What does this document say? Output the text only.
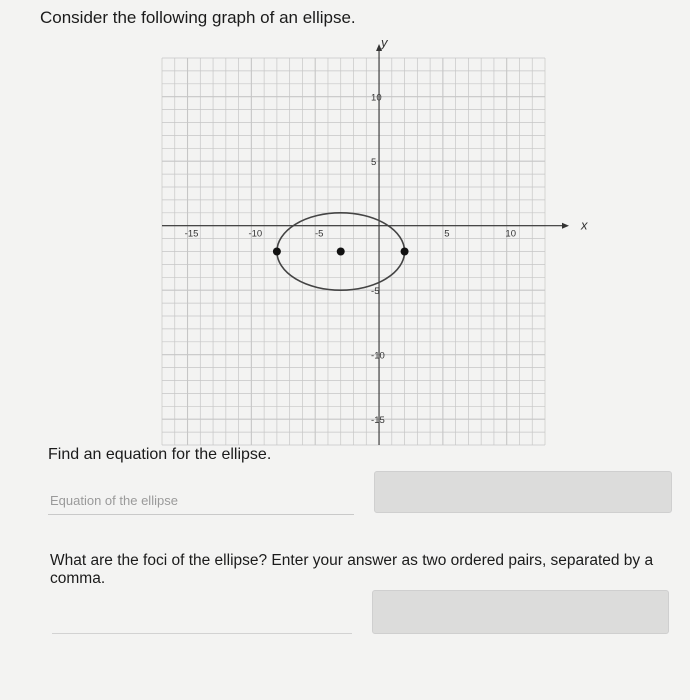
Consider the following graph of an ellipse.
x
y
-15	-10	-5	5	10
10
5
-5
-10
-15
Find an equation for the ellipse.
Equation of the ellipse
What are the foci of the ellipse? Enter your answer as two ordered pairs, separated by a comma.
